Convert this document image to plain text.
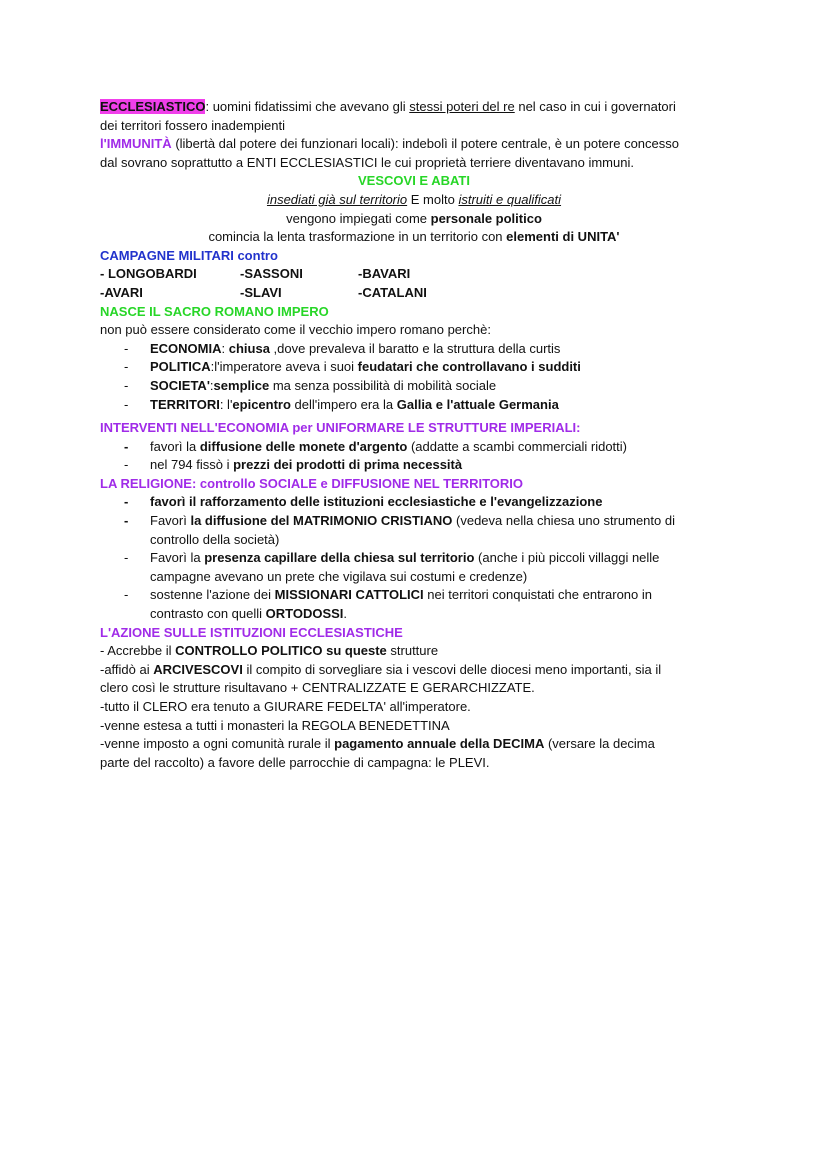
ECCLESIASTICO: uomini fidatissimi che avevano gli stessi poteri del re nel caso in cui i governatori
dei territori fossero inadempienti
l'IMMUNITÀ (libertà dal potere dei funzionari locali): indebolì il potere centrale, è un potere concesso
dal sovrano soprattutto a ENTI ECCLESIASTICI le cui proprietà terriere diventavano immuni.
VESCOVI E ABATI
insediati già sul territorio E molto istruiti e qualificati
vengono impiegati come personale politico
comincia la lenta trasformazione in un territorio con elementi di UNITA'
CAMPAGNE MILITARI contro
- LONGOBARDI	-SASSONI	-BAVARI
-AVARI	-SLAVI	-CATALANI
NASCE IL SACRO ROMANO IMPERO
non può essere considerato come il vecchio impero romano perchè:
- ECONOMIA: chiusa ,dove prevaleva il baratto e la struttura della curtis
- POLITICA:l'imperatore aveva i suoi feudatari che controllavano i sudditi
- SOCIETA':semplice ma senza possibilità di mobilità sociale
- TERRITORI: l'epicentro dell'impero era la Gallia e l'attuale Germania
INTERVENTI NELL'ECONOMIA per UNIFORMARE LE STRUTTURE IMPERIALI:
- favorì la diffusione delle monete d'argento (addatte a scambi commerciali ridotti)
- nel 794 fissò i prezzi dei prodotti di prima necessità
LA RELIGIONE: controllo SOCIALE e DIFFUSIONE NEL TERRITORIO
- favorì il rafforzamento delle istituzioni ecclesiastiche e l'evangelizzazione
- Favorì la diffusione del MATRIMONIO CRISTIANO (vedeva nella chiesa uno strumento di
controllo della società)
- Favorì la presenza capillare della chiesa sul territorio (anche i più piccoli villaggi nelle
campagne avevano un prete che vigilava sui costumi e credenze)
- sostenne l'azione dei MISSIONARI CATTOLICI nei territori conquistati che entrarono in
contrasto con quelli ORTODOSSI.
L'AZIONE SULLE ISTITUZIONI ECCLESIASTICHE
- Accrebbe il CONTROLLO POLITICO su queste strutture
-affidò ai ARCIVESCOVI il compito di sorvegliare sia i vescovi delle diocesi meno importanti, sia il
clero così le strutture risultavano + CENTRALIZZATE E GERARCHIZZATE.
-tutto il CLERO era tenuto a GIURARE FEDELTA' all'imperatore.
-venne estesa a tutti i monasteri la REGOLA BENEDETTINA
-venne imposto a ogni comunità rurale il pagamento annuale della DECIMA (versare la decima
parte del raccolto) a favore delle parrocchie di campagna: le PLEVI.
